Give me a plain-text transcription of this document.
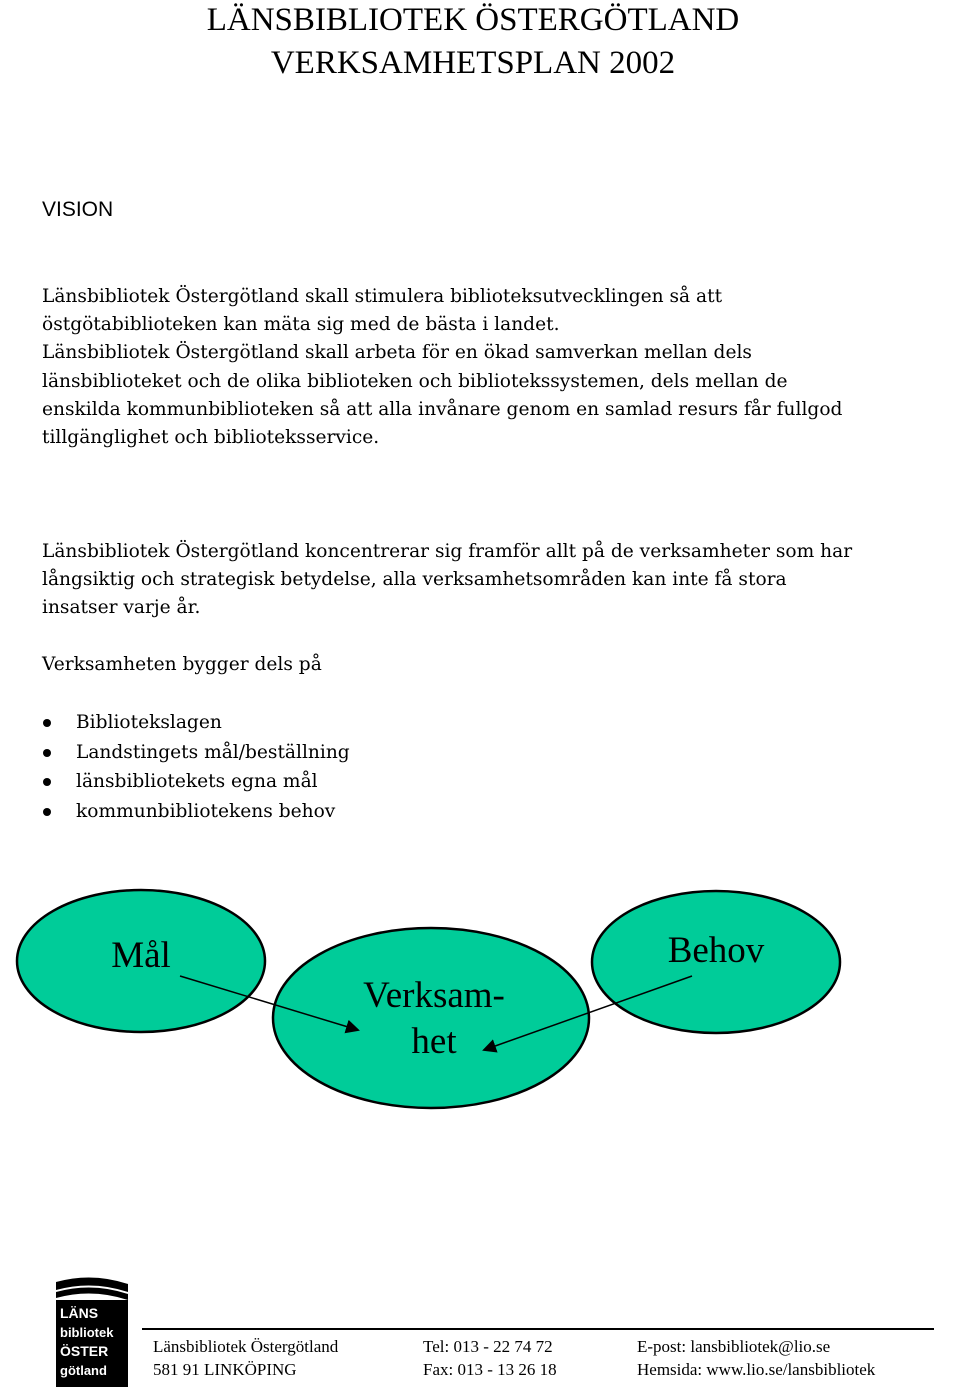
LÄNSBIBLIOTEK ÖSTERGÖTLAND
VERKSAMHETSPLAN 2002
VISION
Länsbibliotek Östergötland skall stimulera biblioteksutvecklingen så att
östgötabiblioteken kan mäta sig med de bästa i landet.
Länsbibliotek Östergötland skall arbeta för en ökad samverkan mellan dels
länsbiblioteket och de olika biblioteken och bibliotekssystemen, dels mellan de
enskilda kommunbiblioteken så att alla invånare genom en samlad resurs får fullgod
tillgänglighet och biblioteksservice.
Länsbibliotek Östergötland koncentrerar sig framför allt på de verksamheter som har
långsiktig och strategisk betydelse, alla verksamhetsområden kan inte få stora
insatser varje år.
Verksamheten bygger dels på
Bibliotekslagen
Landstingets mål/beställning
länsbibliotekets egna mål
kommunbibliotekens behov
Mål	Behov
Verksam-
het
LÄNS
bibliotek
ÖSTER
götland
Länsbibliotek Östergötland
581 91 LINKÖPING
Tel: 013 - 22 74 72
Fax: 013 - 13 26 18
E-post: lansbibliotek@lio.se
Hemsida: www.lio.se/lansbibliotek
